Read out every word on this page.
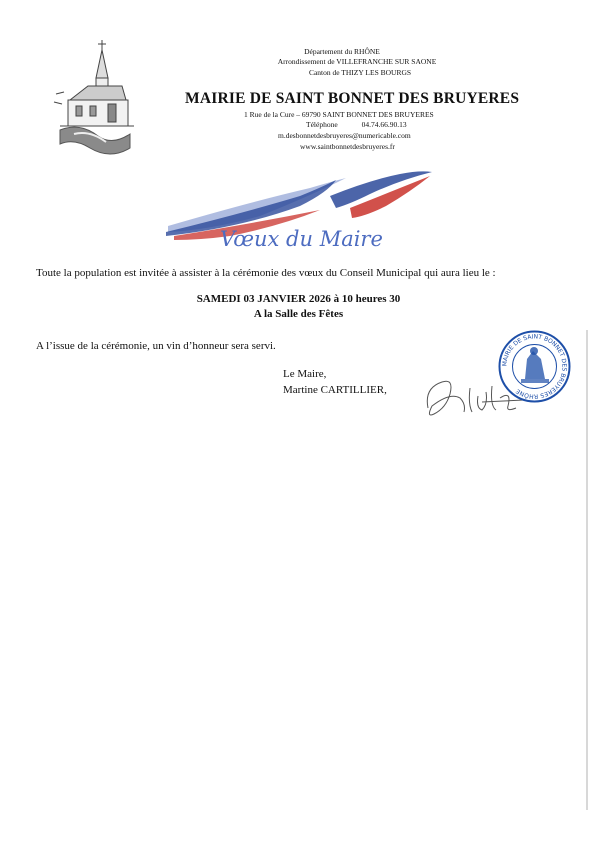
Département du RHÔNE
Arrondissement de VILLEFRANCHE SUR SAONE
Canton de THIZY LES BOURGS
MAIRIE DE SAINT BONNET DES BRUYERES
1 Rue de la Cure – 69790 SAINT BONNET DES BRUYERES
Téléphone	04.74.66.90.13
m.desbonnetdesbruyeres@numericable.com
www.saintbonnetdesbruyeres.fr
Vœux du Maire
Toute la population est invitée à assister à la cérémonie des vœux du Conseil Municipal qui aura lieu le :
SAMEDI 03 JANVIER 2026 à 10 heures 30
A la Salle des Fêtes
A l’issue de la cérémonie, un vin d’honneur sera servi.
Le Maire,
Martine CARTILLIER,
MAIRIE DE SAINT BONNET DES BRUYERES RHÔNE
